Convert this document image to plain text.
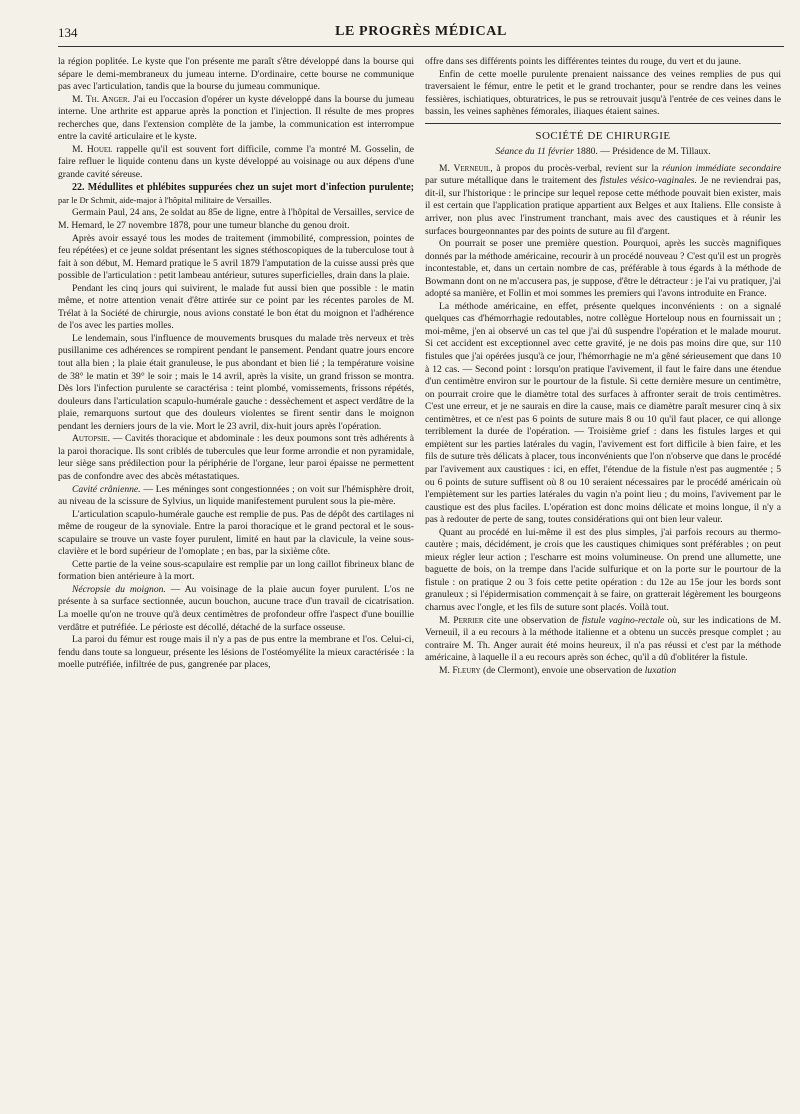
134	LE PROGRÈS MÉDICAL

la région poplitée. Le kyste que l'on présente me paraît s'être développé dans la bourse qui sépare le demi-membraneux du jumeau interne. D'ordinaire, cette bourse ne communique pas avec l'articulation, tandis que la bourse du jumeau communique.

M. Th. Anger. J'ai eu l'occasion d'opérer un kyste développé dans la bourse du jumeau interne. Une arthrite est apparue après la ponction et l'injection. Il résulte de mes propres recherches que, dans l'extension complète de la jambe, la communication est interrompue entre la cavité articulaire et le kyste.

M. Houel rappelle qu'il est souvent fort difficile, comme l'a montré M. Gosselin, de faire refluer le liquide contenu dans un kyste développé au voisinage ou aux dépens d'une grande cavité séreuse.

22. Médullites et phlébites suppurées chez un sujet mort d'infection purulente; par le Dr Schmit, aide-major à l'hôpital militaire de Versailles.

Germain Paul, 24 ans, 2e soldat au 85e de ligne, entre à l'hôpital de Versailles, service de M. Hemard, le 27 novembre 1878, pour une tumeur blanche du genou droit.

Après avoir essayé tous les modes de traitement (immobilité, compression, pointes de feu répétées) et ce jeune soldat présentant les signes stéthoscopiques de la tuberculose tout à fait à son début, M. Hemard pratique le 5 avril 1879 l'amputation de la cuisse aussi près que possible de l'articulation : petit lambeau antérieur, sutures superficielles, drain dans la plaie.

Pendant les cinq jours qui suivirent, le malade fut aussi bien que possible : le matin même, et notre attention venait d'être attirée sur ce point par les récentes paroles de M. Trélat à la Société de chirurgie, nous avions constaté le bon état du moignon et l'adhérence de l'os avec les parties molles.

Le lendemain, sous l'influence de mouvements brusques du malade très nerveux et très pusillanime ces adhérences se rompirent pendant le pansement. Pendant quatre jours encore tout alla bien ; la plaie était granuleuse, le pus abondant et bien lié ; la température voisine de 38° le matin et 39° le soir ; mais le 14 avril, après la visite, un grand frisson se montra. Dès lors l'infection purulente se caractérisa : teint plombé, vomissements, frissons répétés, douleurs dans l'articulation scapulo-humérale gauche : dessèchement et aspect verdâtre de la plaie, remarquons surtout que des douleurs violentes se firent sentir dans le moignon pendant les derniers jours de la vie. Mort le 23 avril, dix-huit jours après l'opération.

Autopsie. — Cavités thoracique et abdominale : les deux poumons sont très adhérents à la paroi thoracique. Ils sont criblés de tubercules que leur forme arrondie et non pyramidale, leur siège sans prédilection pour la périphérie de l'organe, leur paroi épaisse ne permettent pas de confondre avec des abcès métastatiques.

Cavité crânienne. — Les méninges sont congestionnées ; on voit sur l'hémisphère droit, au niveau de la scissure de Sylvius, un liquide manifestement purulent sous la pie-mère.

L'articulation scapulo-humérale gauche est remplie de pus. Pas de dépôt des cartilages ni même de rougeur de la synoviale. Entre la paroi thoracique et le grand pectoral et le sous-scapulaire se trouve un vaste foyer purulent, limité en haut par la clavicule, la veine sous-clavière et le bord supérieur de l'omoplate ; en bas, par la sixième côte.

Cette partie de la veine sous-scapulaire est remplie par un long caillot fibrineux blanc de formation bien antérieure à la mort.

Nécropsie du moignon. — Au voisinage de la plaie aucun foyer purulent. L'os ne présente à sa surface sectionnée, aucun bouchon, aucune trace d'un travail de cicatrisation. La moelle qu'on ne trouve qu'à deux centimètres de profondeur offre l'aspect d'une bouillie verdâtre et putréfiée. Le périoste est décollé, détaché de la surface osseuse.

La paroi du fémur est rouge mais il n'y a pas de pus entre la membrane et l'os. Celui-ci, fendu dans toute sa longueur, présente les lésions de l'ostéomyélite la mieux caractérisée : la moelle putréfiée, infiltrée de pus, gangrenée par places,

offre dans ses différents points les différentes teintes du rouge, du vert et du jaune.

Enfin de cette moelle purulente prenaient naissance des veines remplies de pus qui traversaient le fémur, entre le petit et le grand trochanter, pour se rendre dans les veines fessières, ischiatiques, obturatrices, le pus se retrouvait jusqu'à l'entrée de ces veines dans le bassin, les veines saphènes fémorales, iliaques étaient saines.

SOCIÉTÉ DE CHIRURGIE
Séance du 11 février 1880. — Présidence de M. Tillaux.

M. Verneuil, à propos du procès-verbal, revient sur la réunion immédiate secondaire par suture métallique dans le traitement des fistules vésico-vaginales. Je ne reviendrai pas, dit-il, sur l'historique : le principe sur lequel repose cette méthode pouvait bien exister, mais il est certain que l'application pratique appartient aux Belges et aux Italiens. Elle consiste à arriver, non plus avec l'instrument tranchant, mais avec des caustiques et à réunir les surfaces bourgeonnantes par des points de suture au fil d'argent.

On pourrait se poser une première question. Pourquoi, après les succès magnifiques donnés par la méthode américaine, recourir à un procédé nouveau ? C'est qu'il est un progrès incontestable, et, dans un certain nombre de cas, préférable à tous égards à la méthode de Bowmann dont on ne m'accusera pas, je suppose, d'être le détracteur : je l'ai vu pratiquer, j'ai adopté sa manière, et Follin et moi sommes les premiers qui l'avons introduite en France.

La méthode américaine, en effet, présente quelques inconvénients : on a signalé quelques cas d'hémorrhagie redoutables, notre collègue Horteloup nous en fournissait un ; moi-même, j'en ai observé un cas tel que j'ai dû suspendre l'opération et le malade mourut. Si cet accident est exceptionnel avec cette gravité, je ne dois pas moins dire que, sur 110 fistules que j'ai opérées jusqu'à ce jour, l'hémorrhagie ne m'a gêné sérieusement que dans 10 à 12 cas. — Second point : lorsqu'on pratique l'avivement, il faut le faire dans une étendue d'un centimètre environ sur le pourtour de la fistule. Si cette dernière mesure un centimètre, on pourrait croire que le diamètre total des surfaces à affronter serait de trois centimètres. C'est une erreur, et je ne saurais en dire la cause, mais ce diamètre paraît mesurer cinq à six centimètres, et ce n'est pas 6 points de suture mais 8 ou 10 qu'il faut placer, ce qui allonge terriblement la durée de l'opération. — Troisième grief : dans les fistules larges et qui empiètent sur les parties latérales du vagin, l'avivement est fort difficile à bien faire, et les fils de suture très délicats à placer, tous inconvénients que l'on n'observe que dans le procédé par l'avivement aux caustiques : ici, en effet, l'étendue de la fistule n'est pas augmentée ; 5 ou 6 points de suture suffisent où 8 ou 10 seraient nécessaires par le procédé américain où l'empiètement sur les parties latérales du vagin n'a point lieu ; du moins, l'avivement par le caustique est des plus faciles. L'opération est donc moins délicate et moins longue, il n'y a pas à redouter de perte de sang, toutes considérations qui ont bien leur valeur.

Quant au procédé en lui-même il est des plus simples, j'ai parfois recours au thermo-cautère ; mais, décidément, je crois que les caustiques chimiques sont préférables ; on peut mieux régler leur action ; l'escharre est moins volumineuse. On prend une allumette, une baguette de bois, on la trempe dans l'acide sulfurique et on la porte sur le pourtour de la fistule : on pratique 2 ou 3 fois cette petite opération : du 12e au 15e jour les bords sont granuleux ; si l'épidermisation commençait à se faire, on gratterait légèrement les bourgeons charnus avec l'ongle, et les fils de suture sont placés. Voilà tout.

M. Perrier cite une observation de fistule vagino-rectale où, sur les indications de M. Verneuil, il a eu recours à la méthode italienne et a obtenu un succès presque complet ; au contraire M. Th. Anger aurait été moins heureux, il n'a pas réussi et c'est par la méthode américaine, à laquelle il a eu recours après son échec, qu'il a dû d'oblitérer la fistule.

M. Fleury (de Clermont), envoie une observation de luxation
